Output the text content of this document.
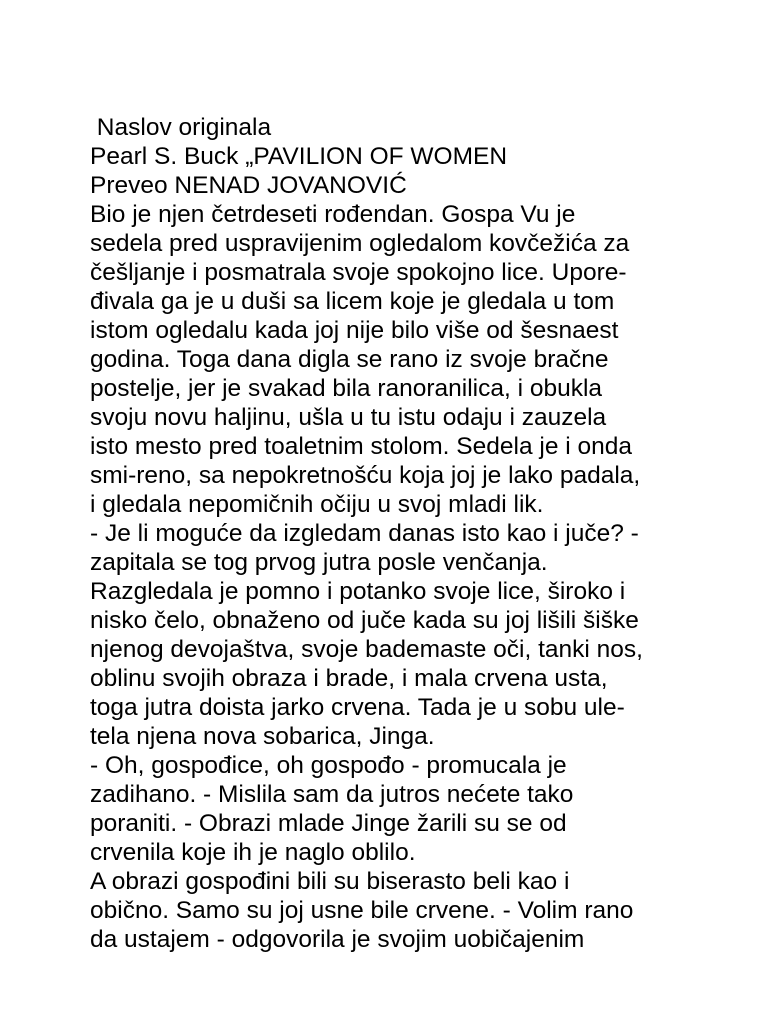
Naslov originala
Pearl S. Buck „PAVILION OF WOMEN
Preveo NENAD JOVANOVIĆ
Bio je njen četrdeseti rođendan. Gospa Vu je
sedela pred uspravijenim ogledalom kovčežića za
češljanje i posmatrala svoje spokojno lice. Upore-
đivala ga je u duši sa licem koje je gledala u tom
istom ogledalu kada joj nije bilo više od šesnaest
godina. Toga dana digla se rano iz svoje bračne
postelje, jer je svakad bila ranoranilica, i obukla
svoju novu haljinu, ušla u tu istu odaju i zauzela
isto mesto pred toaletnim stolom. Sedela je i onda
smi-reno, sa nepokretnošću koja joj je lako padala,
i gledala nepomičnih očiju u svoj mladi lik.
- Je li moguće da izgledam danas isto kao i juče? -
zapitala se tog prvog jutra posle venčanja.
Razgledala je pomno i potanko svoje lice, široko i
nisko čelo, obnaženo od juče kada su joj lišili šiške
njenog devojaštva, svoje bademaste oči, tanki nos,
oblinu svojih obraza i brade, i mala crvena usta,
toga jutra doista jarko crvena. Tada je u sobu ule-
tela njena nova sobarica, Jinga.
- Oh, gospođice, oh gospođo - promucala je
zadihano. - Mislila sam da jutros nećete tako
poraniti. - Obrazi mlade Jinge žarili su se od
crvenila koje ih je naglo oblilo.
A obrazi gospođini bili su biserasto beli kao i
obično. Samo su joj usne bile crvene. - Volim rano
da ustajem - odgovorila je svojim uobičajenim
